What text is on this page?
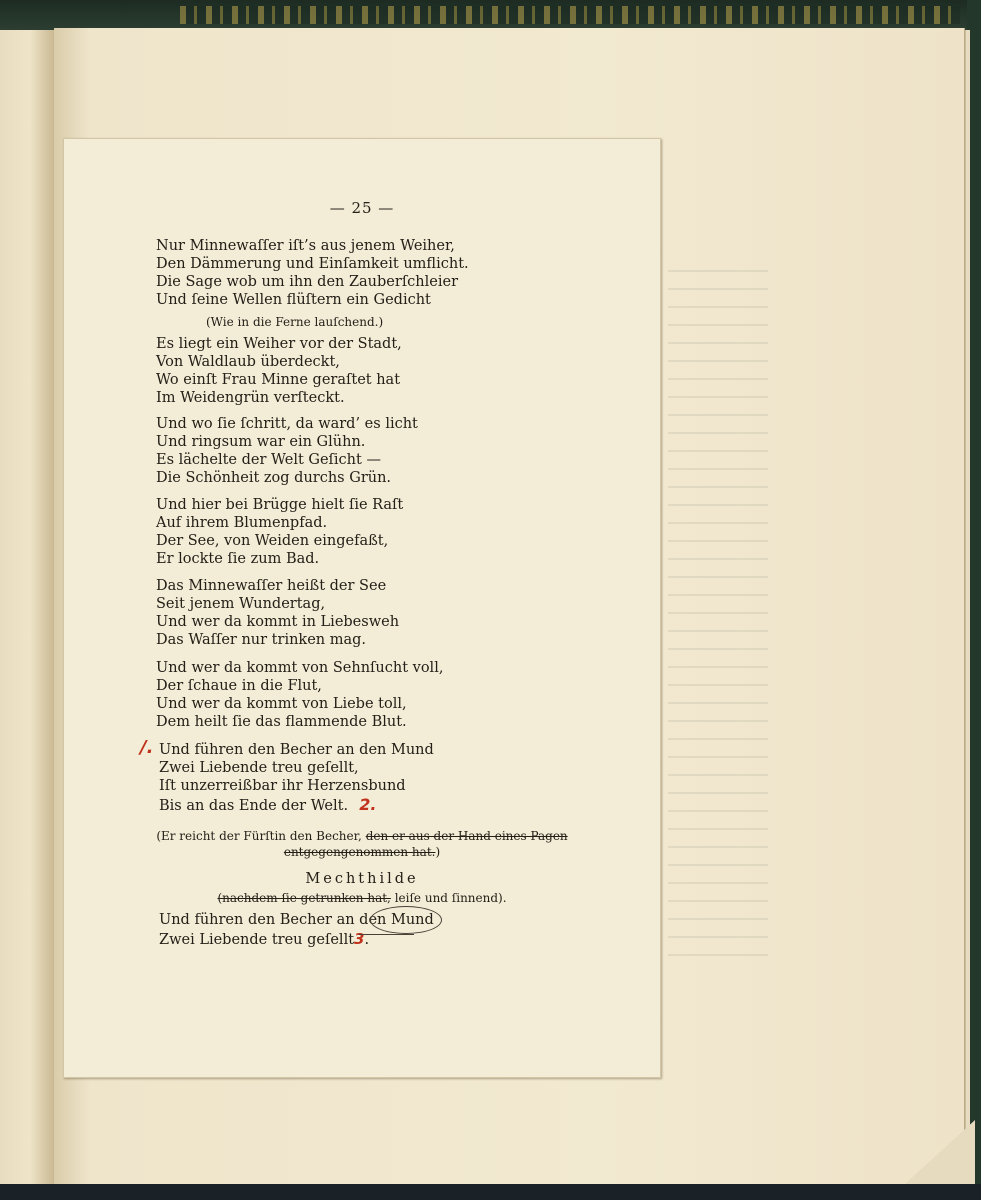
— 25 —
Nur Minnewaſſer iſt’s aus jenem Weiher,
Den Dämmerung und Einſamkeit umflicht.
Die Sage wob um ihn den Zauberſchleier
Und ſeine Wellen flüſtern ein Gedicht
(Wie in die Ferne lauſchend.)
Es liegt ein Weiher vor der Stadt,
Von Waldlaub überdeckt,
Wo einſt Frau Minne geraſtet hat
Im Weidengrün verſteckt.
Und wo ſie ſchritt, da ward’ es licht
Und ringsum war ein Glühn.
Es lächelte der Welt Geſicht —
Die Schönheit zog durchs Grün.
Und hier bei Brügge hielt ſie Raſt
Auf ihrem Blumenpfad.
Der See, von Weiden eingefaßt,
Er lockte ſie zum Bad.
Das Minnewaſſer heißt der See
Seit jenem Wundertag,
Und wer da kommt in Liebesweh
Das Waſſer nur trinken mag.
Und wer da kommt von Sehnſucht voll,
Der ſchaue in die Flut,
Und wer da kommt von Liebe toll,
Dem heilt ſie das flammende Blut.
/. Und führen den Becher an den Mund
Zwei Liebende treu geſellt,
Iſt unzerreißbar ihr Herzensbund
Bis an das Ende der Welt. 2.
(Er reicht der Fürſtin den Becher, den er aus der Hand eines Pagen
entgegengenommen hat.)
Mechthilde
(nachdem ſie getrunken hat, leiſe und ſinnend).
Und führen den Becher an den Mund
Zwei Liebende treu geſellt3.
